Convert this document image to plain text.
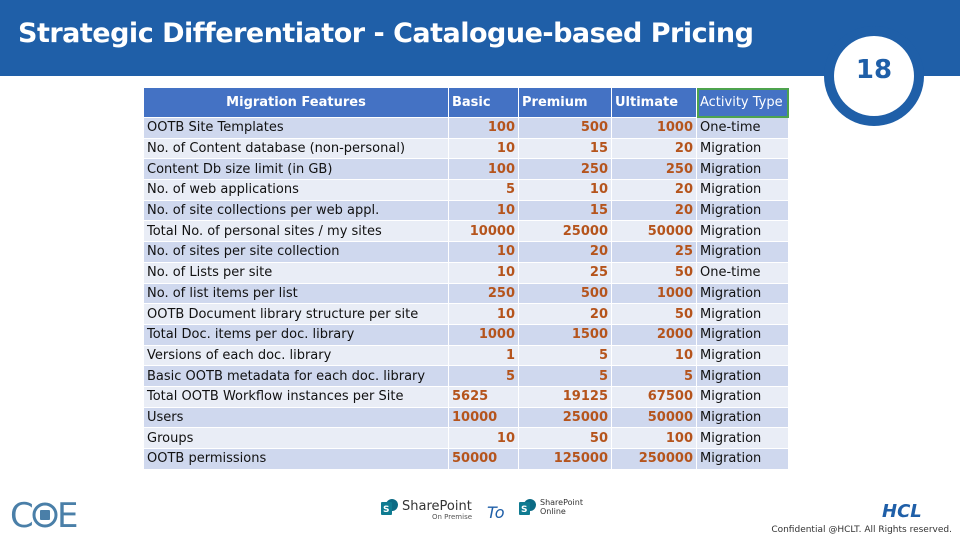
Strategic Differentiator - Catalogue-based Pricing
18
Migration Features	Basic	Premium	Ultimate	Activity Type
OOTB Site Templates	100	500	1000	One-time
No. of Content database (non-personal)	10	15	20	Migration
Content Db size limit (in GB)	100	250	250	Migration
No. of web applications	5	10	20	Migration
No. of site collections per web appl.	10	15	20	Migration
Total No. of personal sites / my sites	10000	25000	50000	Migration
No. of sites per site collection	10	20	25	Migration
No. of Lists per site	10	25	50	One-time
No. of list items per list	250	500	1000	Migration
OOTB Document library structure per site	10	20	50	Migration
Total Doc. items per doc. library	1000	1500	2000	Migration
Versions of each doc. library	1	5	10	Migration
Basic OOTB metadata for each doc. library	5	5	5	Migration
Total OOTB Workflow instances per Site	5625	19125	67500	Migration
Users	10000	25000	50000	Migration
Groups	10	50	100	Migration
OOTB permissions	50000	125000	250000	Migration
C E	S SharePoint
On Premise To S
SharePoint
Online	HCL
Confidential @HCLT. All Rights reserved.
